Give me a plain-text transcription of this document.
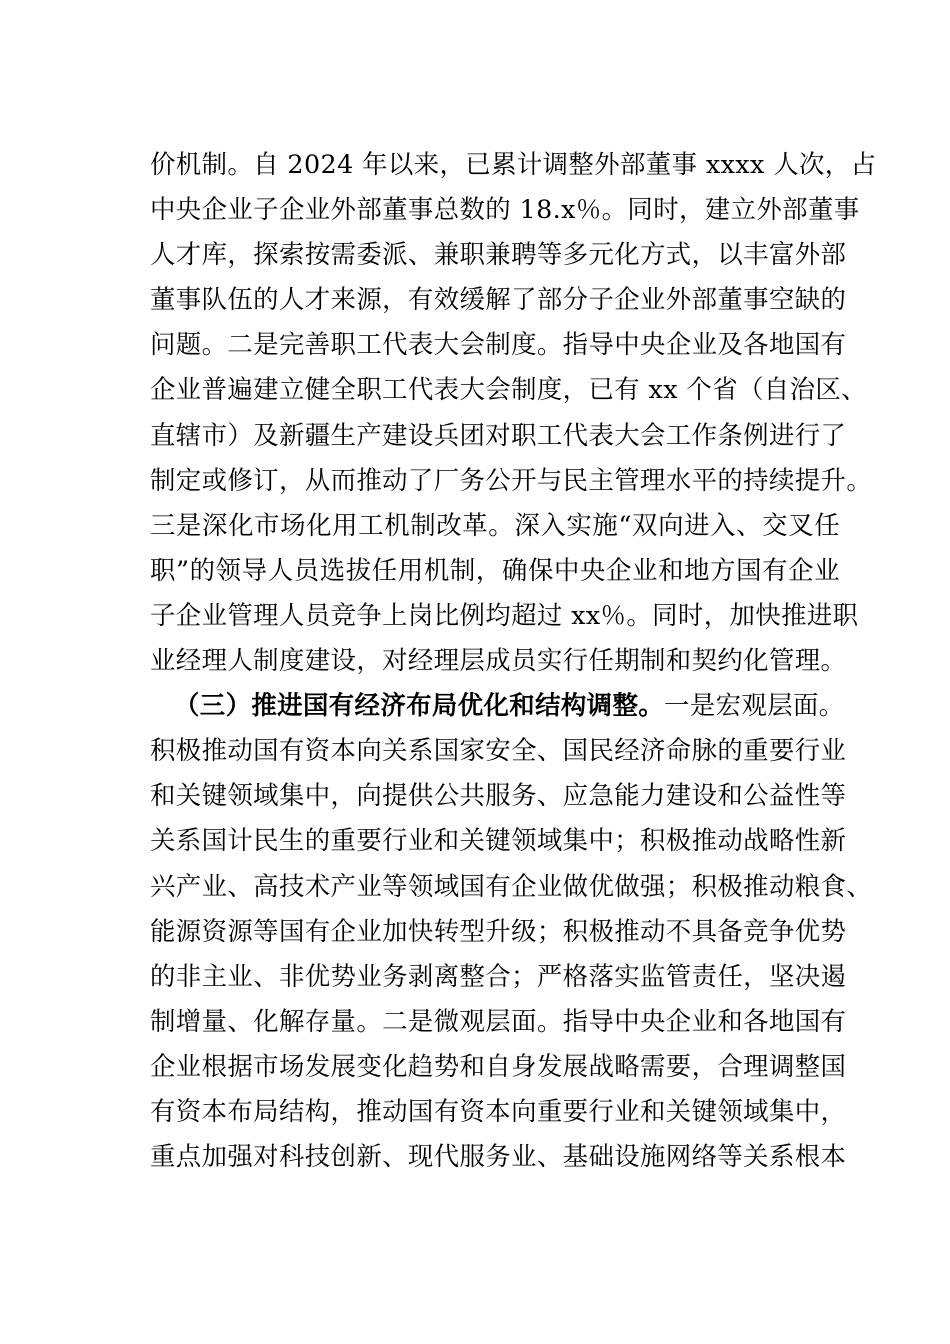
价机制。自 2024 年以来，已累计调整外部董事 xxxx 人次，占
中央企业子企业外部董事总数的 18.x％。同时，建立外部董事
人才库，探索按需委派、兼职兼聘等多元化方式，以丰富外部
董事队伍的人才来源，有效缓解了部分子企业外部董事空缺的
问题。二是完善职工代表大会制度。指导中央企业及各地国有
企业普遍建立健全职工代表大会制度，已有 xx 个省（自治区、
直辖市）及新疆生产建设兵团对职工代表大会工作条例进行了
制定或修订，从而推动了厂务公开与民主管理水平的持续提升。
三是深化市场化用工机制改革。深入实施“双向进入、交叉任
职”的领导人员选拔任用机制，确保中央企业和地方国有企业
子企业管理人员竞争上岗比例均超过 xx％。同时，加快推进职
业经理人制度建设，对经理层成员实行任期制和契约化管理。
（三）推进国有经济布局优化和结构调整。一是宏观层面。
积极推动国有资本向关系国家安全、国民经济命脉的重要行业
和关键领域集中，向提供公共服务、应急能力建设和公益性等
关系国计民生的重要行业和关键领域集中；积极推动战略性新
兴产业、高技术产业等领域国有企业做优做强；积极推动粮食、
能源资源等国有企业加快转型升级；积极推动不具备竞争优势
的非主业、非优势业务剥离整合；严格落实监管责任，坚决遏
制增量、化解存量。二是微观层面。指导中央企业和各地国有
企业根据市场发展变化趋势和自身发展战略需要，合理调整国
有资本布局结构，推动国有资本向重要行业和关键领域集中，
重点加强对科技创新、现代服务业、基础设施网络等关系根本
